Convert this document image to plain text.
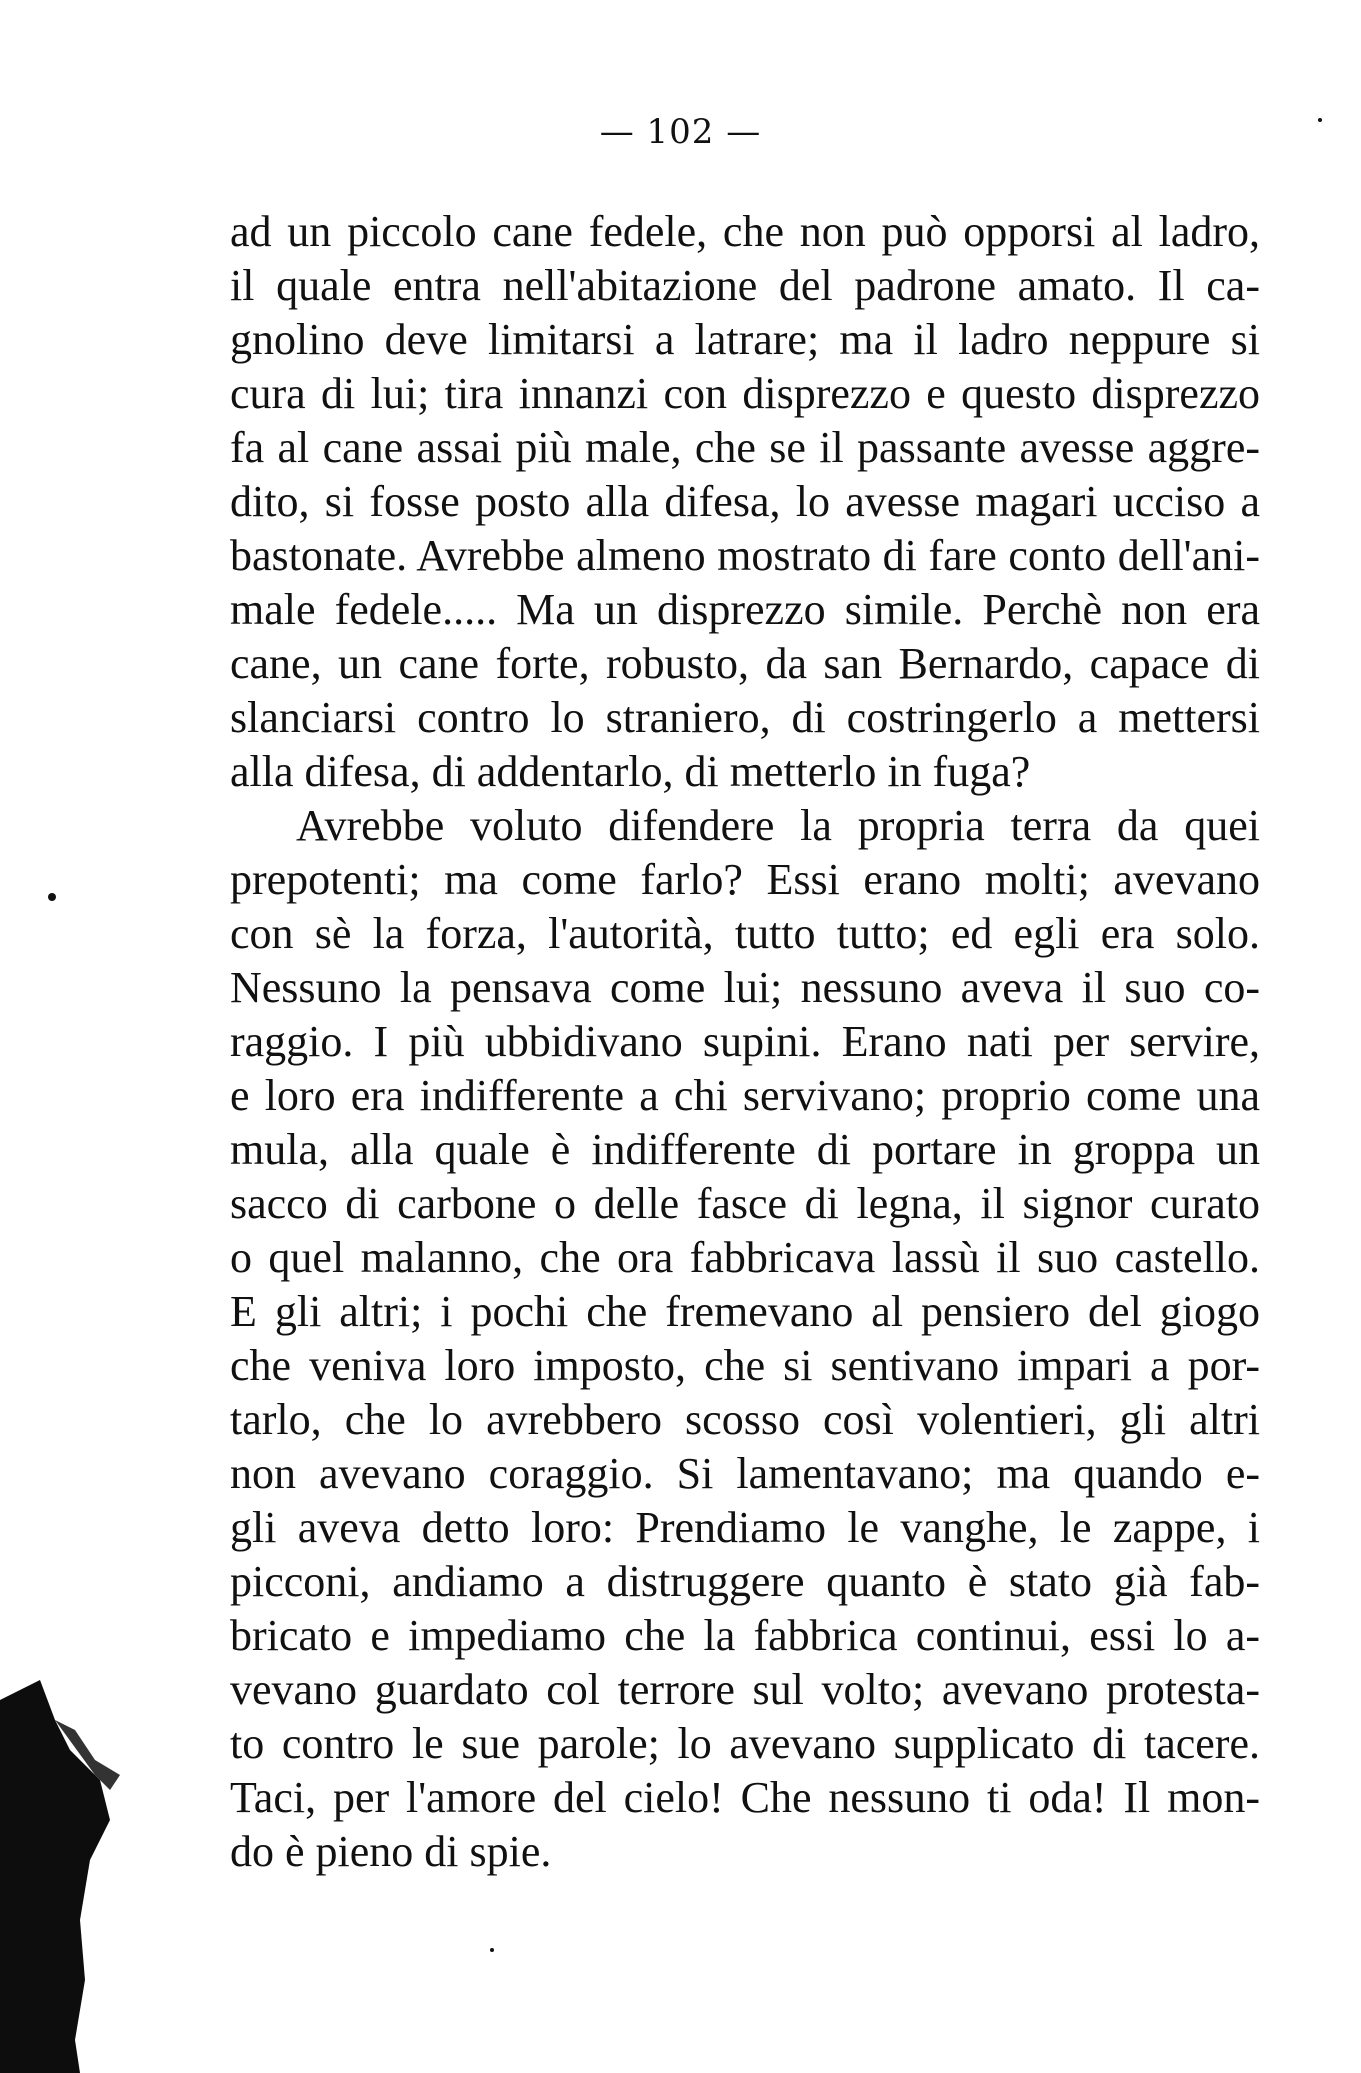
— 102 —
ad un piccolo cane fedele, che non può opporsi al ladro,
il quale entra nell'abitazione del padrone amato. Il ca-
gnolino deve limitarsi a latrare; ma il ladro neppure si
cura di lui; tira innanzi con disprezzo e questo disprezzo
fa al cane assai più male, che se il passante avesse aggre-
dito, si fosse posto alla difesa, lo avesse magari ucciso a
bastonate. Avrebbe almeno mostrato di fare conto dell'ani-
male fedele..... Ma un disprezzo simile. Perchè non era
cane, un cane forte, robusto, da san Bernardo, capace di
slanciarsi contro lo straniero, di costringerlo a mettersi
alla difesa, di addentarlo, di metterlo in fuga?
Avrebbe voluto difendere la propria terra da quei
prepotenti; ma come farlo? Essi erano molti; avevano
con sè la forza, l'autorità, tutto tutto; ed egli era solo.
Nessuno la pensava come lui; nessuno aveva il suo co-
raggio. I più ubbidivano supini. Erano nati per servire,
e loro era indifferente a chi servivano; proprio come una
mula, alla quale è indifferente di portare in groppa un
sacco di carbone o delle fasce di legna, il signor curato
o quel malanno, che ora fabbricava lassù il suo castello.
E gli altri; i pochi che fremevano al pensiero del giogo
che veniva loro imposto, che si sentivano impari a por-
tarlo, che lo avrebbero scosso così volentieri, gli altri
non avevano coraggio. Si lamentavano; ma quando e-
gli aveva detto loro: Prendiamo le vanghe, le zappe, i
picconi, andiamo a distruggere quanto è stato già fab-
bricato e impediamo che la fabbrica continui, essi lo a-
vevano guardato col terrore sul volto; avevano protesta-
to contro le sue parole; lo avevano supplicato di tacere.
Taci, per l'amore del cielo! Che nessuno ti oda! Il mon-
do è pieno di spie.
